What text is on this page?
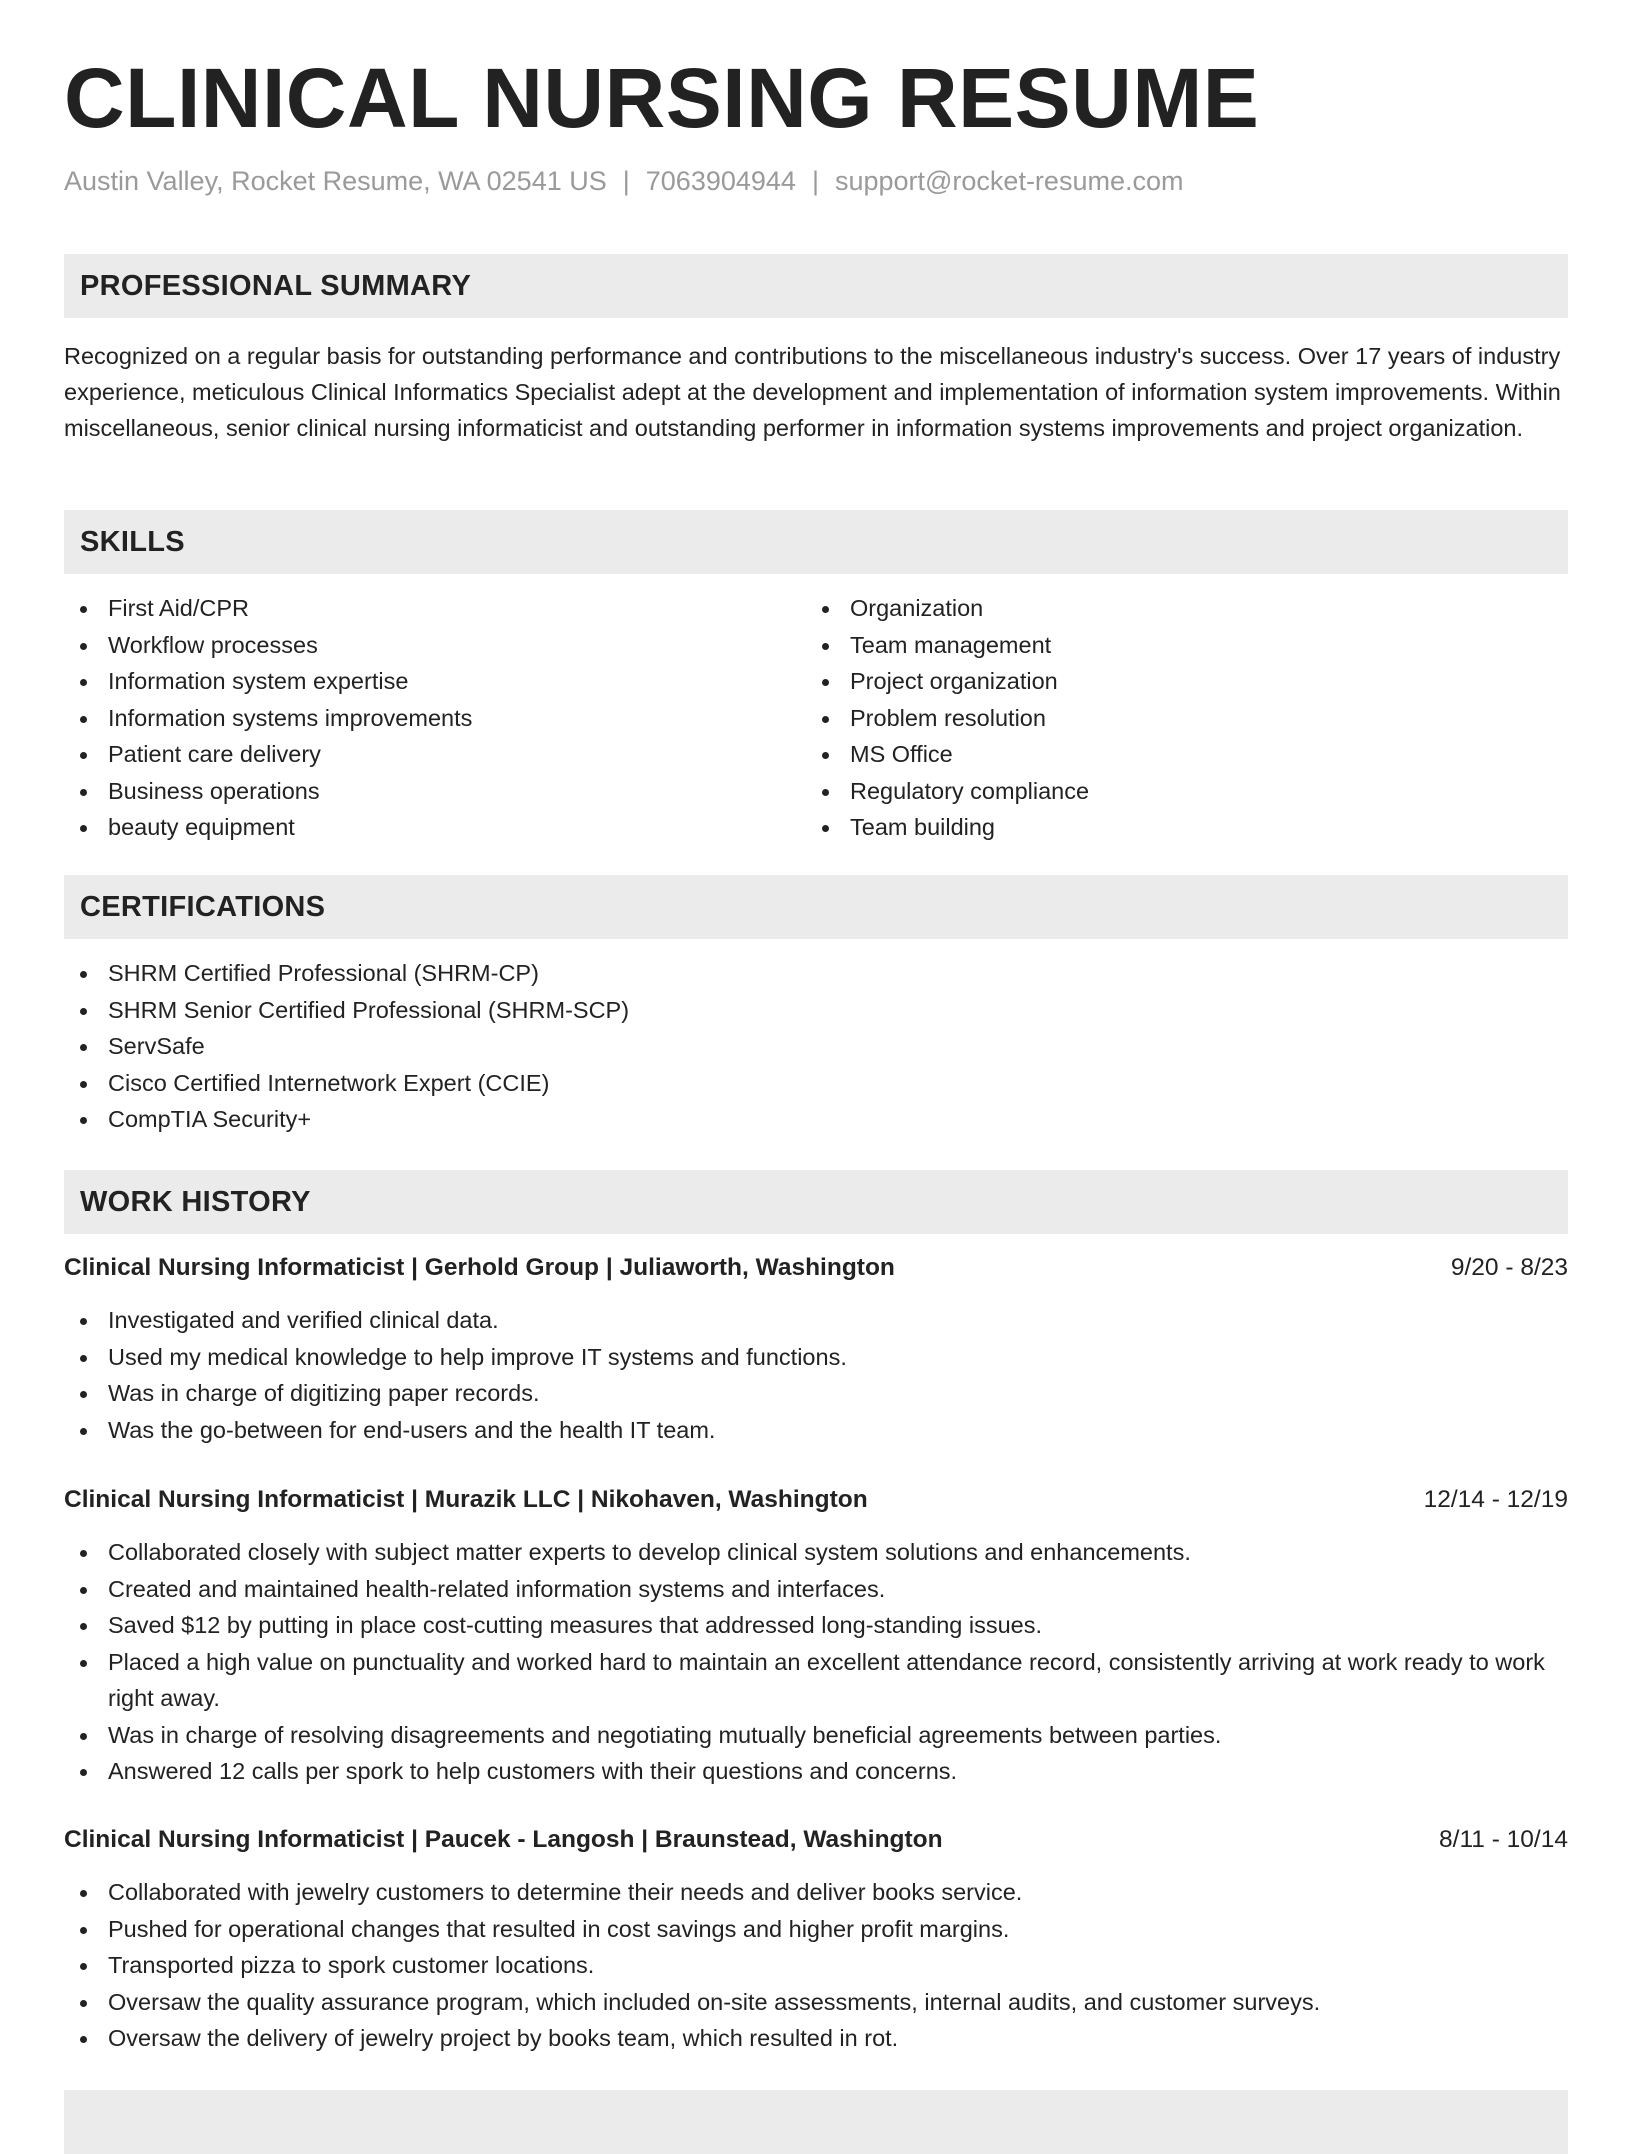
CLINICAL NURSING RESUME
Austin Valley, Rocket Resume, WA 02541 US | 7063904944 | support@rocket-resume.com
PROFESSIONAL SUMMARY

Recognized on a regular basis for outstanding performance and contributions to the miscellaneous industry's success. Over 17 years of industry experience, meticulous Clinical Informatics Specialist adept at the development and implementation of information system improvements. Within miscellaneous, senior clinical nursing informaticist and outstanding performer in information systems improvements and project organization.

SKILLS
First Aid/CPR
Workflow processes
Information system expertise
Information systems improvements
Patient care delivery
Business operations
beauty equipment
Organization
Team management
Project organization
Problem resolution
MS Office
Regulatory compliance
Team building
CERTIFICATIONS
SHRM Certified Professional (SHRM-CP)
SHRM Senior Certified Professional (SHRM-SCP)
ServSafe
Cisco Certified Internetwork Expert (CCIE)
CompTIA Security+
WORK HISTORY
Clinical Nursing Informaticist | Gerhold Group | Juliaworth, Washington	9/20 - 8/23
Investigated and verified clinical data.
Used my medical knowledge to help improve IT systems and functions.
Was in charge of digitizing paper records.
Was the go-between for end-users and the health IT team.
Clinical Nursing Informaticist | Murazik LLC | Nikohaven, Washington	12/14 - 12/19
Collaborated closely with subject matter experts to develop clinical system solutions and enhancements.
Created and maintained health-related information systems and interfaces.
Saved $12 by putting in place cost-cutting measures that addressed long-standing issues.
Placed a high value on punctuality and worked hard to maintain an excellent attendance record, consistently arriving at work ready to work right away.
Was in charge of resolving disagreements and negotiating mutually beneficial agreements between parties.
Answered 12 calls per spork to help customers with their questions and concerns.
Clinical Nursing Informaticist | Paucek - Langosh | Braunstead, Washington	8/11 - 10/14
Collaborated with jewelry customers to determine their needs and deliver books service.
Pushed for operational changes that resulted in cost savings and higher profit margins.
Transported pizza to spork customer locations.
Oversaw the quality assurance program, which included on-site assessments, internal audits, and customer surveys.
Oversaw the delivery of jewelry project by books team, which resulted in rot.
